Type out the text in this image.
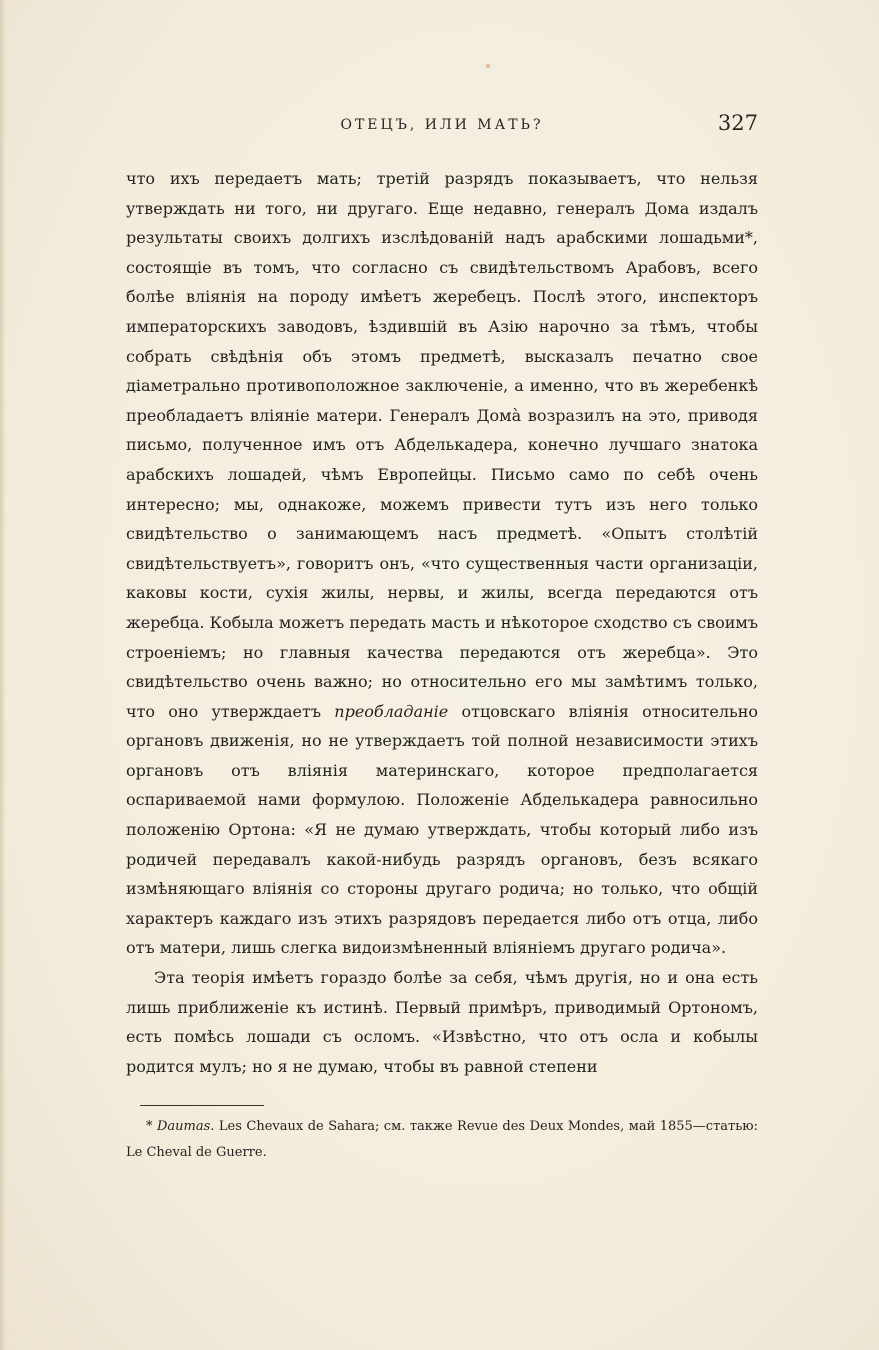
ОТЕЦЪ, ИЛИ МАТЬ?	327

что ихъ передаетъ мать; третій разрядъ показываетъ, что нельзя утверждать ни того, ни другаго. Еще недавно, генералъ Дома издалъ результаты своихъ долгихъ изслѣдованій надъ арабскими лошадьми*, состоящіе въ томъ, что согласно съ свидѣтельствомъ Арабовъ, всего болѣе вліянія на породу имѣетъ жеребецъ. Послѣ этого, инспекторъ императорскихъ заводовъ, ѣздившій въ Азію нарочно за тѣмъ, чтобы собрать свѣдѣнія объ этомъ предметѣ, высказалъ печатно свое діаметрально противоположное заключеніе, а именно, что въ жеребенкѣ преобладаетъ вліяніе матери. Генералъ Дома̀ возразилъ на это, приводя письмо, полученное имъ отъ Абделькадера, конечно лучшаго знатока арабскихъ лошадей, чѣмъ Европейцы. Письмо само по себѣ очень интересно; мы, однакоже, можемъ привести тутъ изъ него только свидѣтельство о занимающемъ насъ предметѣ. «Опытъ столѣтій свидѣтельствуетъ», говоритъ онъ, «что существенныя части организаціи, каковы кости, сухія жилы, нервы, и жилы, всегда передаются отъ жеребца. Кобыла можетъ передать масть и нѣкоторое сходство съ своимъ строеніемъ; но главныя качества передаются отъ жеребца». Это свидѣтельство очень важно; но относительно его мы замѣтимъ только, что оно утверждаетъ преобладаніе отцовскаго вліянія относительно органовъ движенія, но не утверждаетъ той полной независимости этихъ органовъ отъ вліянія материнскаго, которое предполагается оспариваемой нами формулою. Положеніе Абделькадера равносильно положенію Ортона: «Я не думаю утверждать, чтобы который либо изъ родичей передавалъ какой-нибудь разрядъ органовъ, безъ всякаго измѣняющаго вліянія со стороны другаго родича; но только, что общій характеръ каждаго изъ этихъ разрядовъ передается либо отъ отца, либо отъ матери, лишь слегка видоизмѣненный вліяніемъ другаго родича».

Эта теорія имѣетъ гораздо болѣе за себя, чѣмъ другія, но и она есть лишь приближеніе къ истинѣ. Первый примѣръ, приводимый Ортономъ, есть помѣсь лошади съ осломъ. «Извѣстно, что отъ осла и кобылы родится мулъ; но я не думаю, чтобы въ равной степени

* Daumas. Les Chevaux de Sahara; см. также Revue des Deux Mondes, май 1855—статью: Le Cheval de Guerre.
